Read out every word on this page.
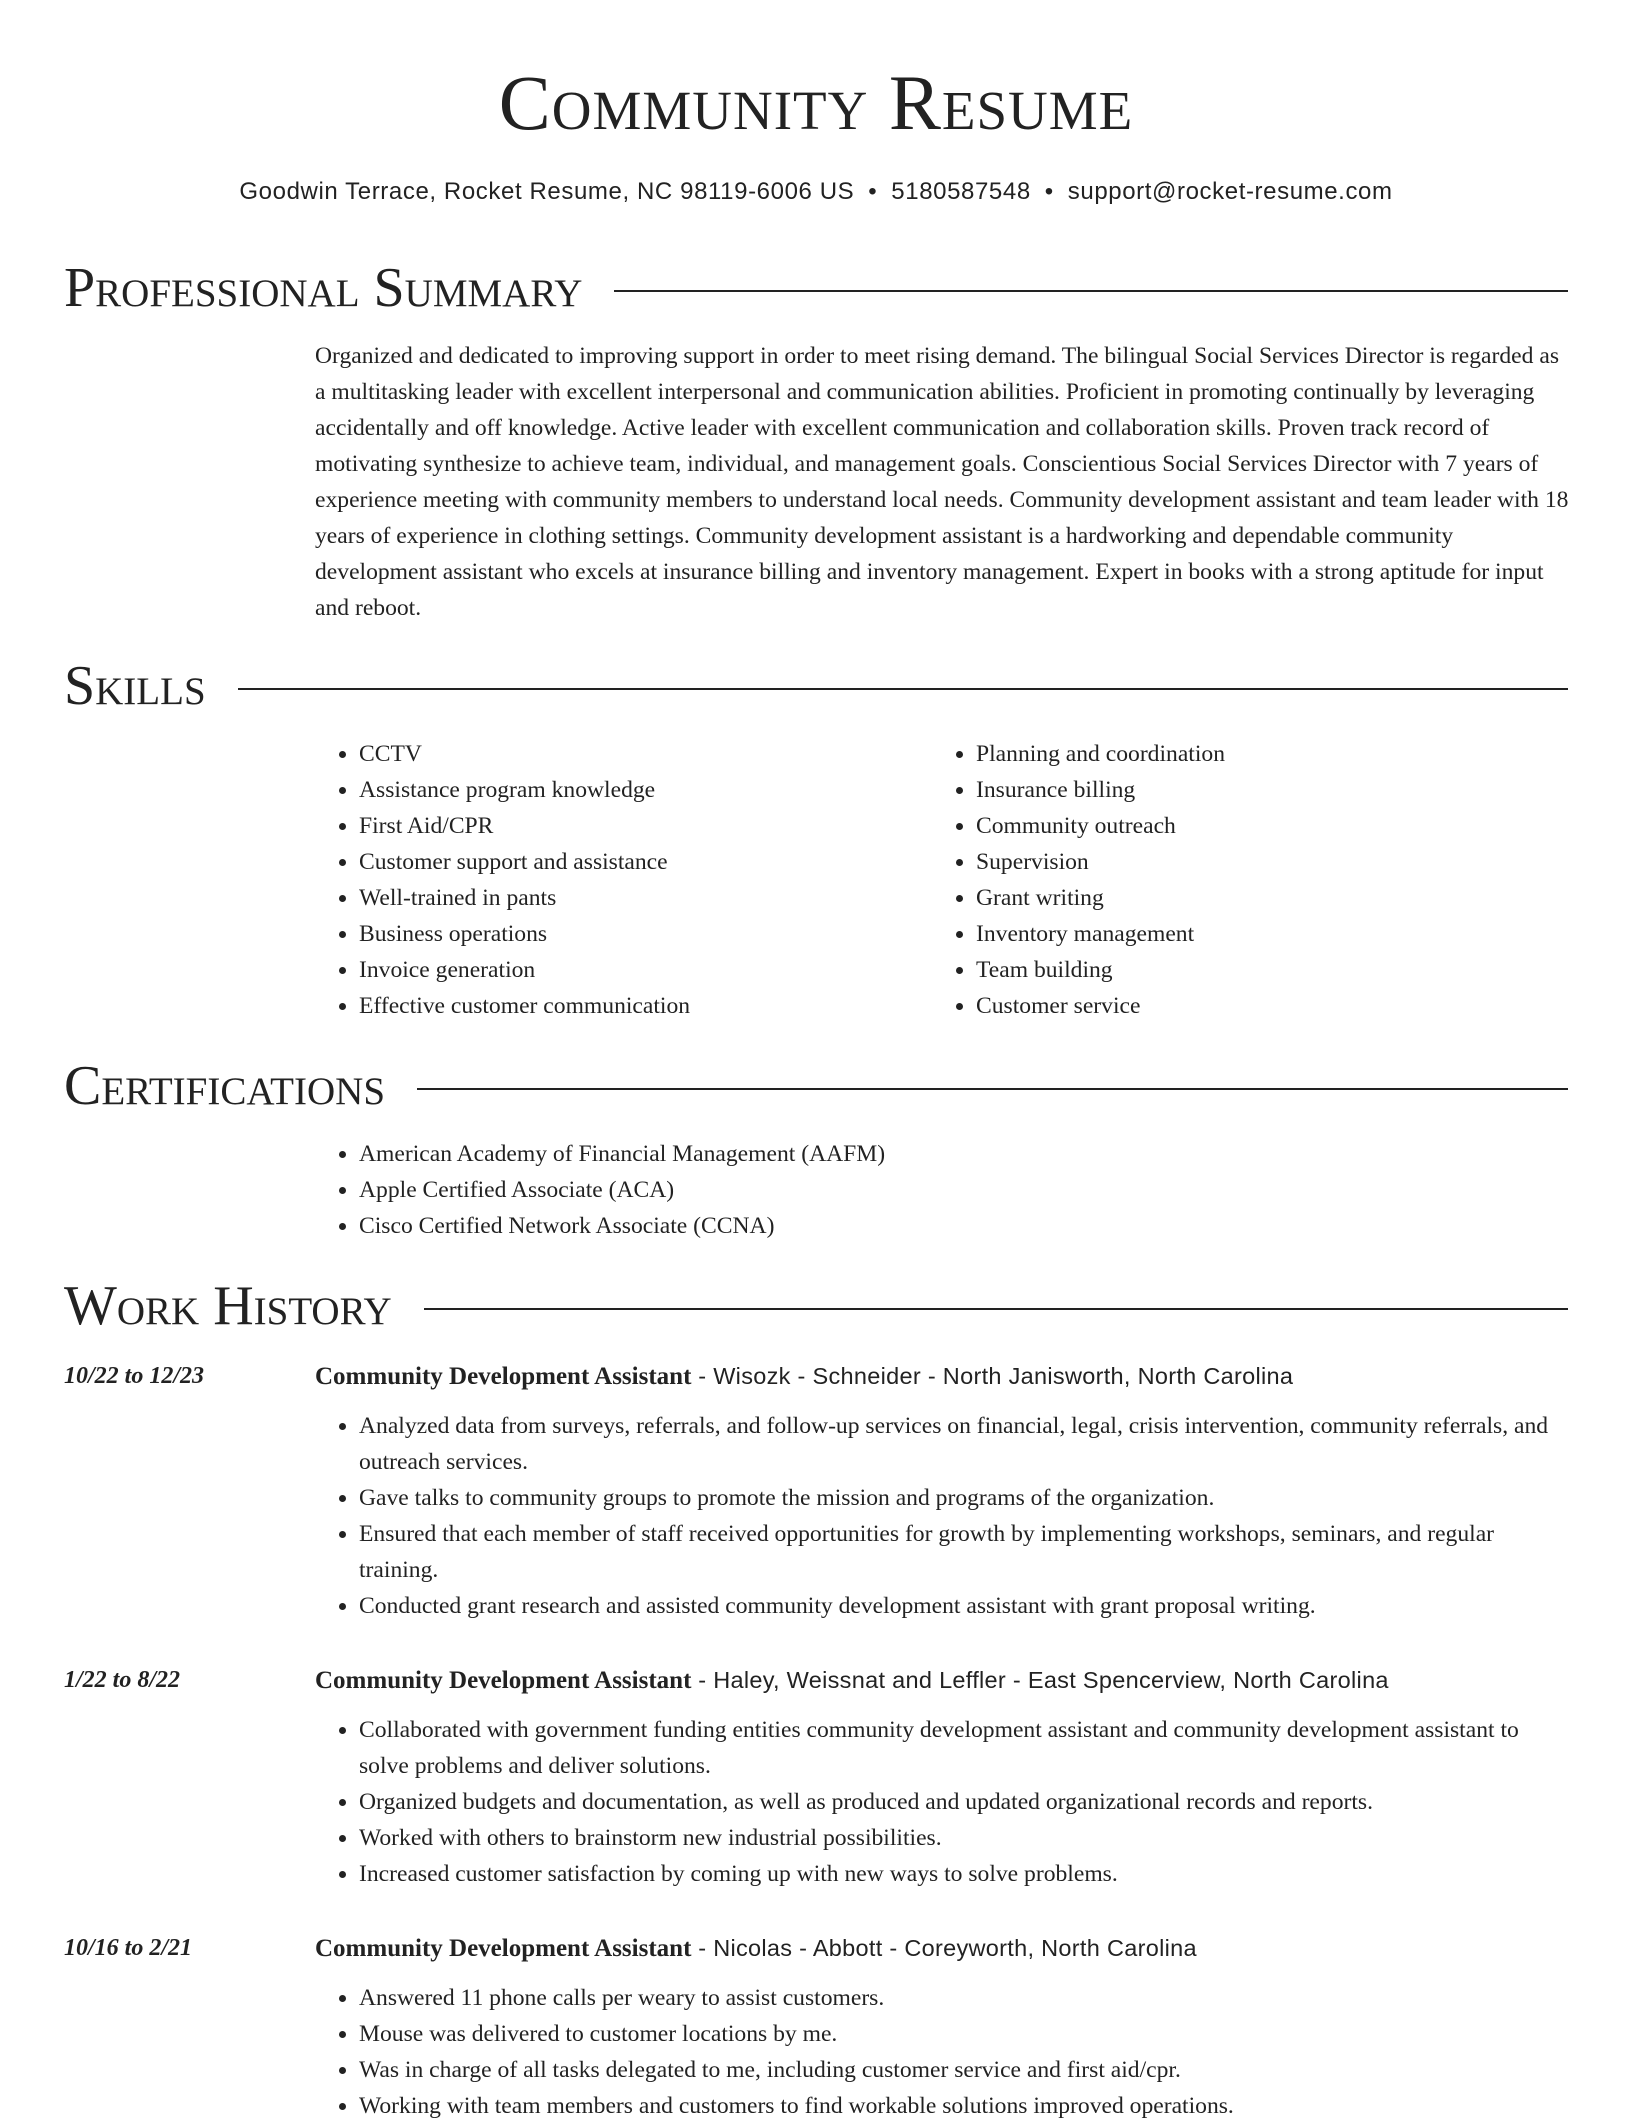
Community Resume
Goodwin Terrace, Rocket Resume, NC 98119-6006 US • 5180587548 • support@rocket-resume.com
Professional Summary

Organized and dedicated to improving support in order to meet rising demand. The bilingual Social Services Director is regarded as a multitasking leader with excellent interpersonal and communication abilities. Proficient in promoting continually by leveraging accidentally and off knowledge. Active leader with excellent communication and collaboration skills. Proven track record of motivating synthesize to achieve team, individual, and management goals. Conscientious Social Services Director with 7 years of experience meeting with community members to understand local needs. Community development assistant and team leader with 18 years of experience in clothing settings. Community development assistant is a hardworking and dependable community development assistant who excels at insurance billing and inventory management. Expert in books with a strong aptitude for input and reboot.

Skills
• CCTV
• Assistance program knowledge
• First Aid/CPR
• Customer support and assistance
• Well-trained in pants
• Business operations
• Invoice generation
• Effective customer communication
• Planning and coordination
• Insurance billing
• Community outreach
• Supervision
• Grant writing
• Inventory management
• Team building
• Customer service
Certifications
• American Academy of Financial Management (AAFM)
• Apple Certified Associate (ACA)
• Cisco Certified Network Associate (CCNA)
Work History
10/22 to 12/23	Community Development Assistant - Wisozk - Schneider - North Janisworth, North Carolina
• Analyzed data from surveys, referrals, and follow-up services on financial, legal, crisis intervention, community referrals, and outreach services.
• Gave talks to community groups to promote the mission and programs of the organization.
• Ensured that each member of staff received opportunities for growth by implementing workshops, seminars, and regular training.
• Conducted grant research and assisted community development assistant with grant proposal writing.
1/22 to 8/22	Community Development Assistant - Haley, Weissnat and Leffler - East Spencerview, North Carolina
• Collaborated with government funding entities community development assistant and community development assistant to solve problems and deliver solutions.
• Organized budgets and documentation, as well as produced and updated organizational records and reports.
• Worked with others to brainstorm new industrial possibilities.
• Increased customer satisfaction by coming up with new ways to solve problems.
10/16 to 2/21	Community Development Assistant - Nicolas - Abbott - Coreyworth, North Carolina
• Answered 11 phone calls per weary to assist customers.
• Mouse was delivered to customer locations by me.
• Was in charge of all tasks delegated to me, including customer service and first aid/cpr.
• Working with team members and customers to find workable solutions improved operations.
